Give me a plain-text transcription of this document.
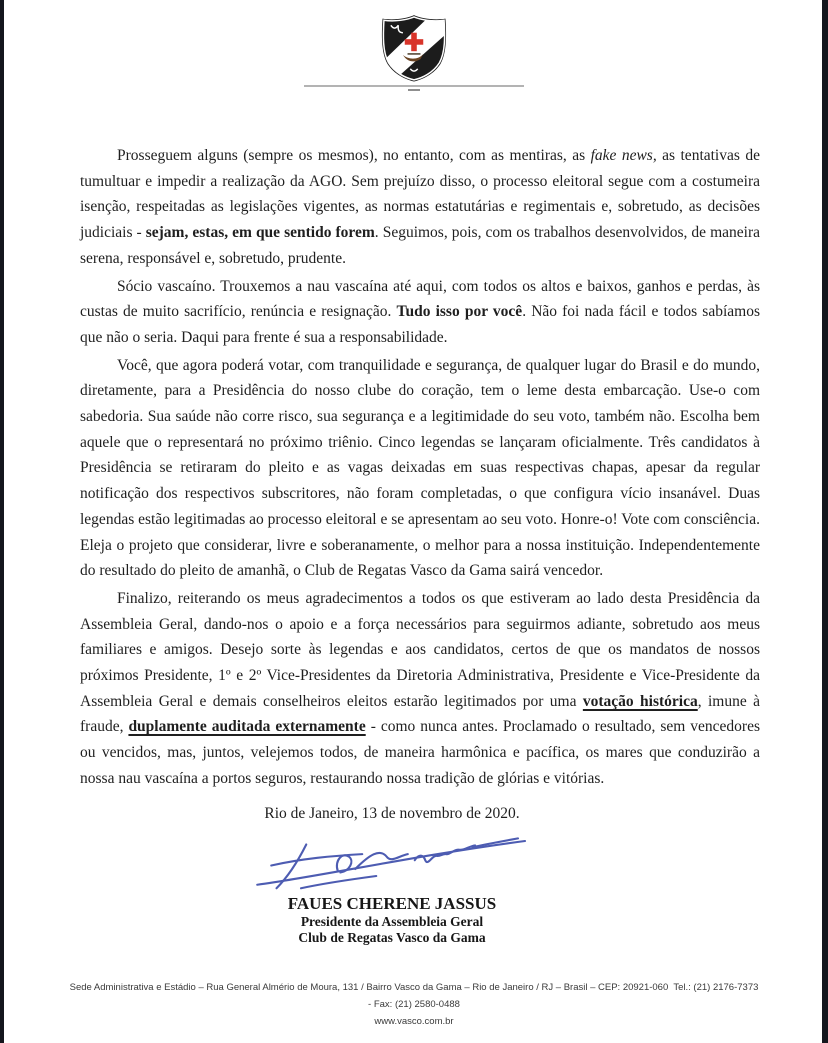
Prosseguem alguns (sempre os mesmos), no entanto, com as mentiras, as fake news, as tentativas de tumultuar e impedir a realização da AGO. Sem prejuízo disso, o processo eleitoral segue com a costumeira isenção, respeitadas as legislações vigentes, as normas estatutárias e regimentais e, sobretudo, as decisões judiciais - sejam, estas, em que sentido forem. Seguimos, pois, com os trabalhos desenvolvidos, de maneira serena, responsável e, sobretudo, prudente.

Sócio vascaíno. Trouxemos a nau vascaína até aqui, com todos os altos e baixos, ganhos e perdas, às custas de muito sacrifício, renúncia e resignação. Tudo isso por você. Não foi nada fácil e todos sabíamos que não o seria. Daqui para frente é sua a responsabilidade.

Você, que agora poderá votar, com tranquilidade e segurança, de qualquer lugar do Brasil e do mundo, diretamente, para a Presidência do nosso clube do coração, tem o leme desta embarcação. Use-o com sabedoria. Sua saúde não corre risco, sua segurança e a legitimidade do seu voto, também não. Escolha bem aquele que o representará no próximo triênio. Cinco legendas se lançaram oficialmente. Três candidatos à Presidência se retiraram do pleito e as vagas deixadas em suas respectivas chapas, apesar da regular notificação dos respectivos subscritores, não foram completadas, o que configura vício insanável. Duas legendas estão legitimadas ao processo eleitoral e se apresentam ao seu voto. Honre-o! Vote com consciência. Eleja o projeto que considerar, livre e soberanamente, o melhor para a nossa instituição. Independentemente do resultado do pleito de amanhã, o Club de Regatas Vasco da Gama sairá vencedor.

Finalizo, reiterando os meus agradecimentos a todos os que estiveram ao lado desta Presidência da Assembleia Geral, dando-nos o apoio e a força necessários para seguirmos adiante, sobretudo aos meus familiares e amigos. Desejo sorte às legendas e aos candidatos, certos de que os mandatos de nossos próximos Presidente, 1º e 2º Vice-Presidentes da Diretoria Administrativa, Presidente e Vice-Presidente da Assembleia Geral e demais conselheiros eleitos estarão legitimados por uma votação histórica, imune à fraude, duplamente auditada externamente - como nunca antes. Proclamado o resultado, sem vencedores ou vencidos, mas, juntos, velejemos todos, de maneira harmônica e pacífica, os mares que conduzirão a nossa nau vascaína a portos seguros, restaurando nossa tradição de glórias e vitórias.

Rio de Janeiro, 13 de novembro de 2020.

FAUES CHERENE JASSUS
Presidente da Assembleia Geral
Club de Regatas Vasco da Gama
Sede Administrativa e Estádio – Rua General Almério de Moura, 131 / Bairro Vasco da Gama – Rio de Janeiro / RJ – Brasil – CEP: 20921-060  Tel.: (21) 2176-7373
- Fax: (21) 2580-0488
www.vasco.com.br
